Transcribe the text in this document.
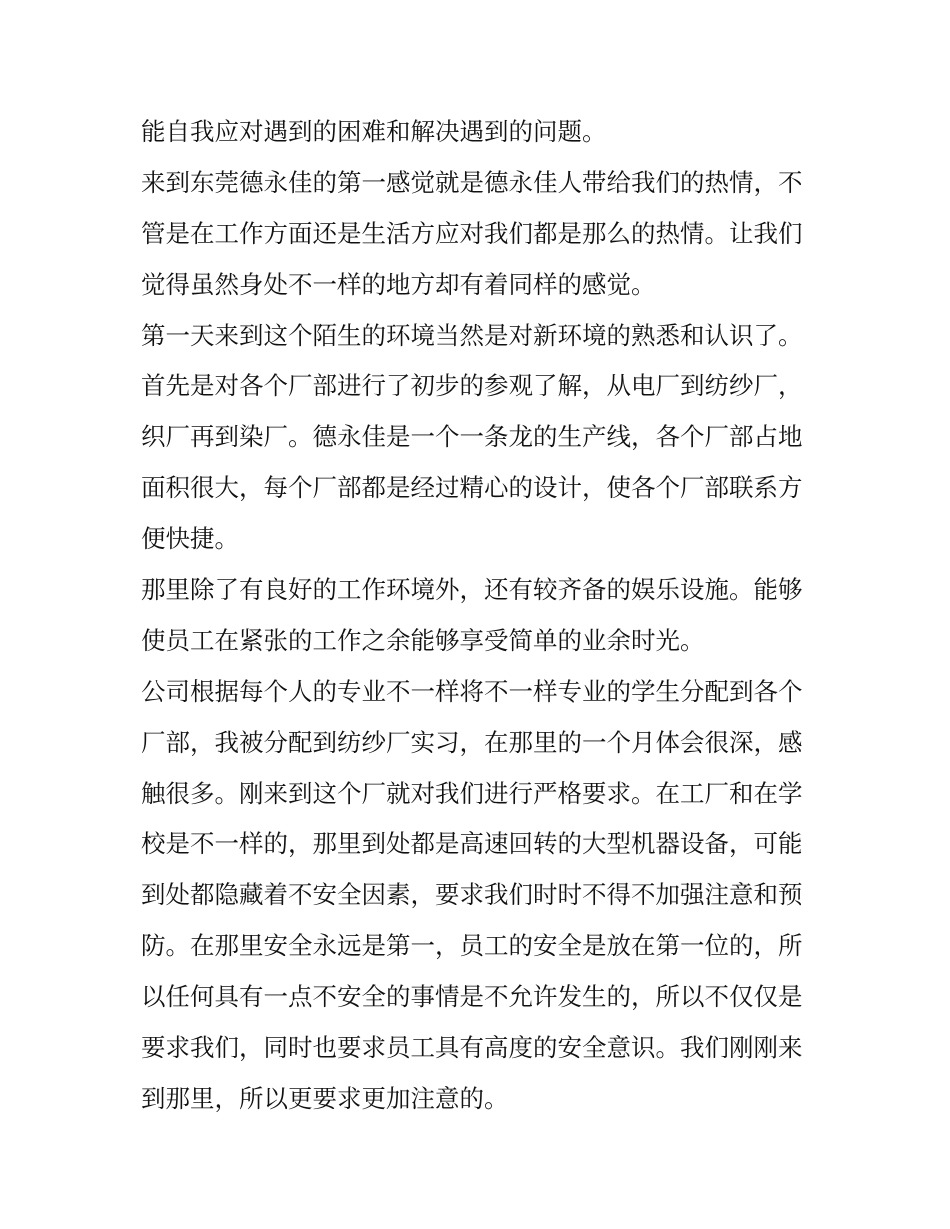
能自我应对遇到的困难和解决遇到的问题。
来到东莞德永佳的第一感觉就是德永佳人带给我们的热情，不
管是在工作方面还是生活方应对我们都是那么的热情。让我们
觉得虽然身处不一样的地方却有着同样的感觉。
第一天来到这个陌生的环境当然是对新环境的熟悉和认识了。
首先是对各个厂部进行了初步的参观了解，从电厂到纺纱厂，
织厂再到染厂。德永佳是一个一条龙的生产线，各个厂部占地
面积很大，每个厂部都是经过精心的设计，使各个厂部联系方
便快捷。
那里除了有良好的工作环境外，还有较齐备的娱乐设施。能够
使员工在紧张的工作之余能够享受简单的业余时光。
公司根据每个人的专业不一样将不一样专业的学生分配到各个
厂部，我被分配到纺纱厂实习，在那里的一个月体会很深，感
触很多。刚来到这个厂就对我们进行严格要求。在工厂和在学
校是不一样的，那里到处都是高速回转的大型机器设备，可能
到处都隐藏着不安全因素，要求我们时时不得不加强注意和预
防。在那里安全永远是第一，员工的安全是放在第一位的，所
以任何具有一点不安全的事情是不允许发生的，所以不仅仅是
要求我们，同时也要求员工具有高度的安全意识。我们刚刚来
到那里，所以更要求更加注意的。
